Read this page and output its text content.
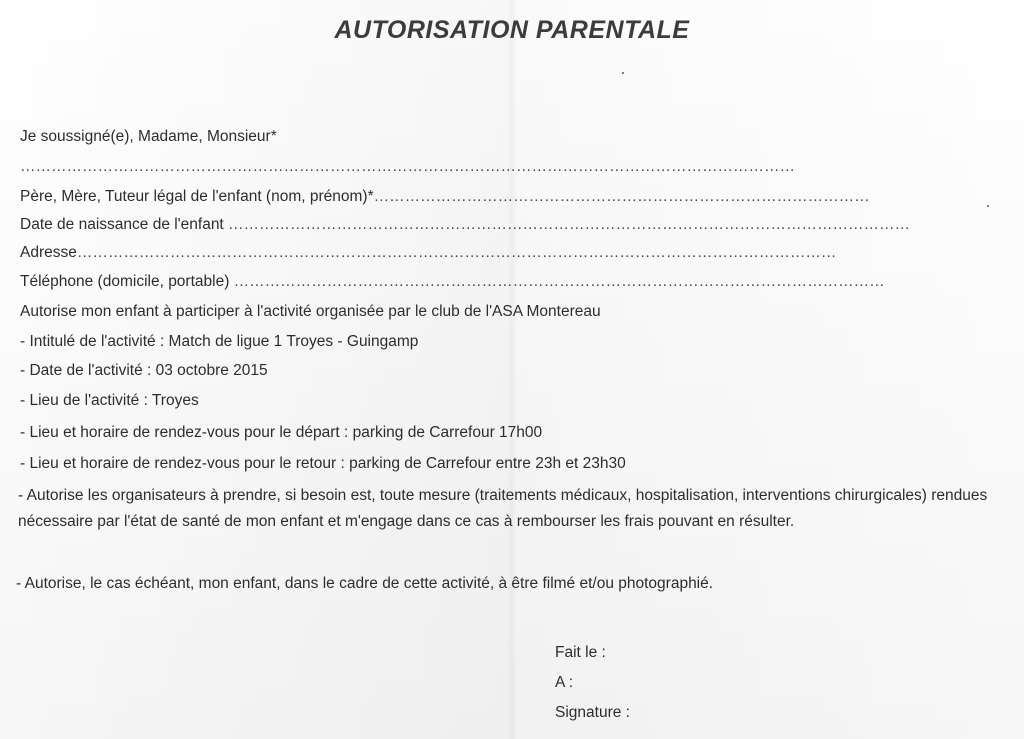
AUTORISATION PARENTALE
Je soussigné(e), Madame, Monsieur*
……………………………………………………………………………………………………………………………………
Père, Mère, Tuteur légal de l'enfant (nom, prénom)*……………………………………………………………………………………
Date de naissance de l'enfant ……………………………………………………………………………………………………………………
Adresse…………………………………………………………………………………………………………………………………
Téléphone (domicile, portable) ………………………………………………………………………………………………………………
Autorise mon enfant à participer à l'activité organisée par le club de l'ASA Montereau
- Intitulé de l'activité : Match de ligue 1 Troyes - Guingamp
- Date de l'activité : 03 octobre 2015
- Lieu de l'activité : Troyes
- Lieu et horaire de rendez-vous pour le départ : parking de Carrefour 17h00
- Lieu et horaire de rendez-vous pour le retour : parking de Carrefour entre 23h et 23h30
- Autorise les organisateurs à prendre, si besoin est, toute mesure (traitements médicaux, hospitalisation, interventions chirurgicales) rendues nécessaire par l'état de santé de mon enfant et m'engage dans ce cas à rembourser les frais pouvant en résulter.
- Autorise, le cas échéant, mon enfant, dans le cadre de cette activité, à être filmé et/ou photographié.
Fait le :
A :
Signature :
